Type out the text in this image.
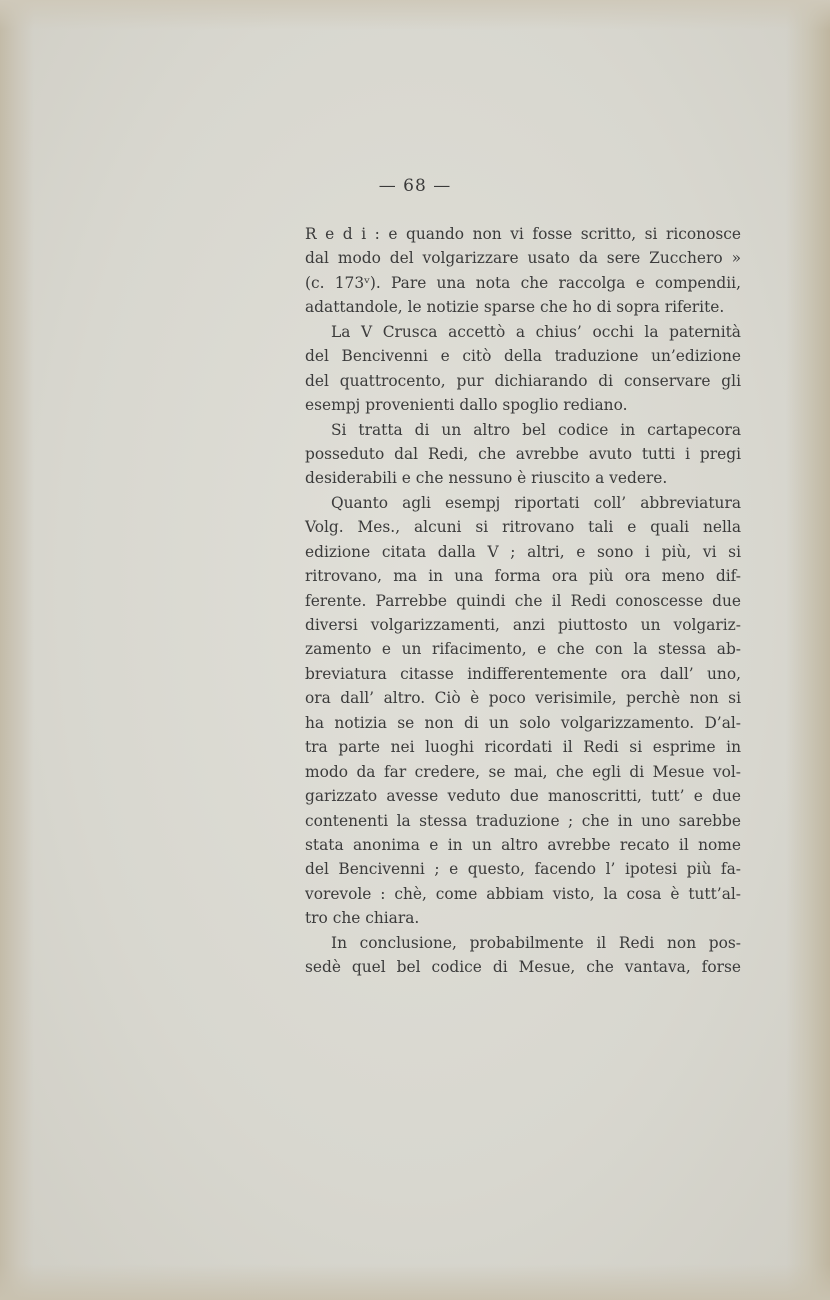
— 68 —
R e d i : e quando non vi fosse scritto, si riconosce
dal modo del volgarizzare usato da sere Zucchero »
(c. 173ᵛ). Pare una nota che raccolga e compendii,
adattandole, le notizie sparse che ho di sopra riferite.
La V Crusca accettò a chius’ occhi la paternità
del Bencivenni e citò della traduzione un’edizione
del quattrocento, pur dichiarando di conservare gli
esempj provenienti dallo spoglio rediano.
Si tratta di un altro bel codice in cartapecora
posseduto dal Redi, che avrebbe avuto tutti i pregi
desiderabili e che nessuno è riuscito a vedere.
Quanto agli esempj riportati coll’ abbreviatura
Volg. Mes., alcuni si ritrovano tali e quali nella
edizione citata dalla V ; altri, e sono i più, vi si
ritrovano, ma in una forma ora più ora meno dif-
ferente. Parrebbe quindi che il Redi conoscesse due
diversi volgarizzamenti, anzi piuttosto un volgariz-
zamento e un rifacimento, e che con la stessa ab-
breviatura citasse indifferentemente ora dall’ uno,
ora dall’ altro. Ciò è poco verisimile, perchè non si
ha notizia se non di un solo volgarizzamento. D’al-
tra parte nei luoghi ricordati il Redi si esprime in
modo da far credere, se mai, che egli di Mesue vol-
garizzato avesse veduto due manoscritti, tutt’ e due
contenenti la stessa traduzione ; che in uno sarebbe
stata anonima e in un altro avrebbe recato il nome
del Bencivenni ; e questo, facendo l’ ipotesi più fa-
vorevole : chè, come abbiam visto, la cosa è tutt’al-
tro che chiara.
In conclusione, probabilmente il Redi non pos-
sedè quel bel codice di Mesue, che vantava, forse
